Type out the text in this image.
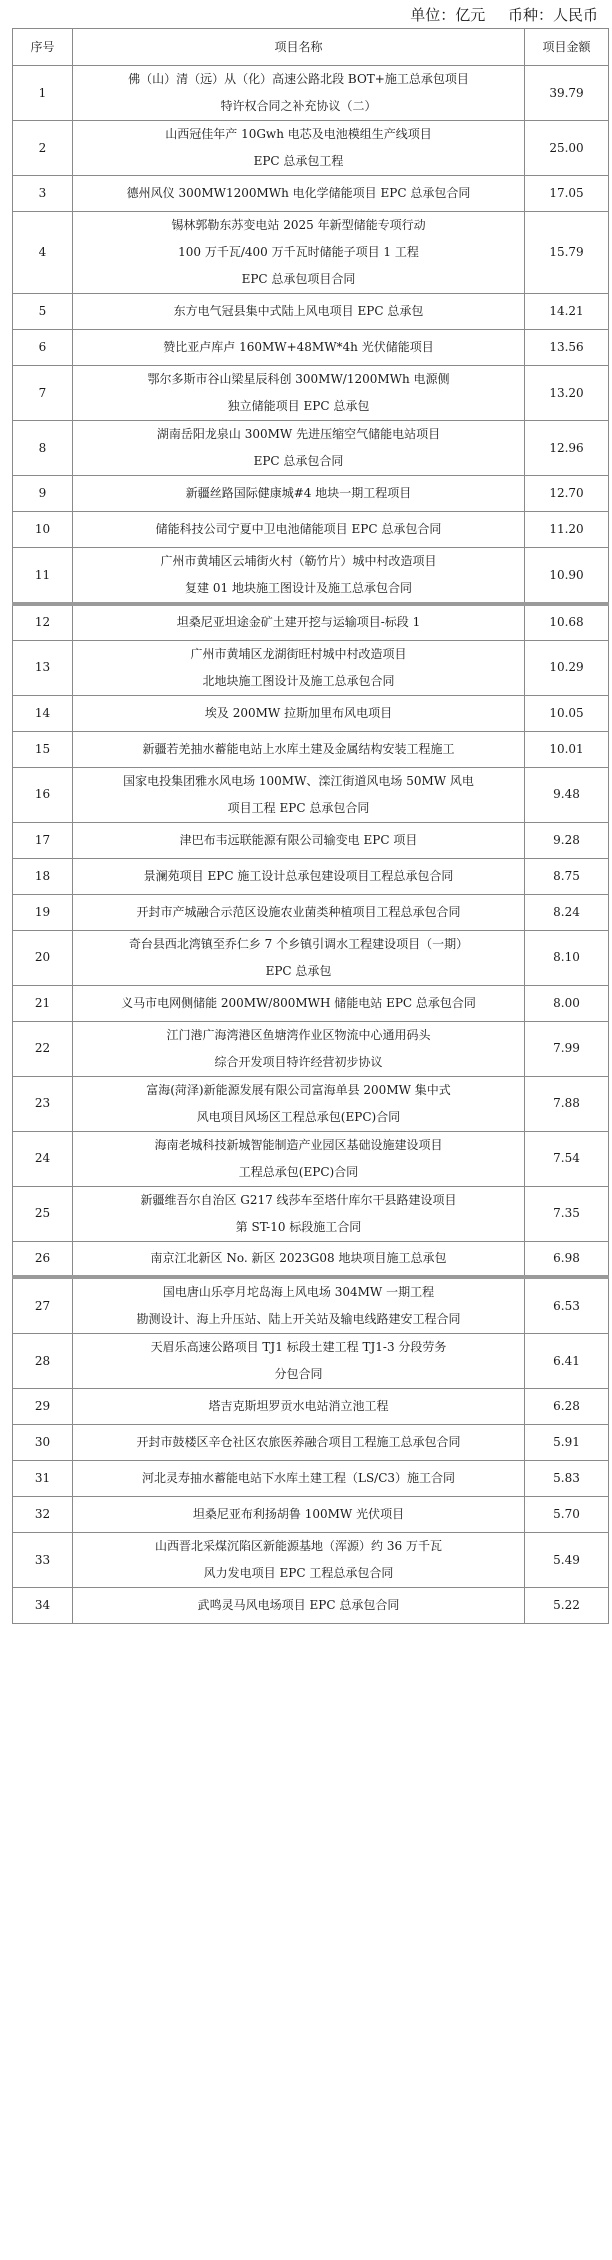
单位：亿元 币种：人民币
序号	项目名称	项目金额
1	佛（山）清（远）从（化）高速公路北段 BOT+施工总承包项目
特许权合同之补充协议（二）	39.79
2	山西冠佳年产 10Gwh 电芯及电池模组生产线项目
EPC 总承包工程	25.00
3	德州风仪 300MW1200MWh 电化学储能项目 EPC 总承包合同	17.05
4	锡林郭勒东苏变电站 2025 年新型储能专项行动
100 万千瓦/400 万千瓦时储能子项目 1 工程
EPC 总承包项目合同	15.79
5	东方电气冠县集中式陆上风电项目 EPC 总承包	14.21
6	赞比亚卢库卢 160MW+48MW*4h 光伏储能项目	13.56
7	鄂尔多斯市谷山梁星辰科创 300MW/1200MWh 电源侧
独立储能项目 EPC 总承包	13.20
8	湖南岳阳龙泉山 300MW 先进压缩空气储能电站项目
EPC 总承包合同	12.96
9	新疆丝路国际健康城#4 地块一期工程项目	12.70
10	储能科技公司宁夏中卫电池储能项目 EPC 总承包合同	11.20
11	广州市黄埔区云埔街火村（簕竹片）城中村改造项目
复建 01 地块施工图设计及施工总承包合同	10.90
12	坦桑尼亚坦途金矿土建开挖与运输项目-标段 1	10.68
13	广州市黄埔区龙湖街旺村城中村改造项目
北地块施工图设计及施工总承包合同	10.29
14	埃及 200MW 拉斯加里布风电项目	10.05
15	新疆若羌抽水蓄能电站上水库土建及金属结构安装工程施工	10.01
16	国家电投集团雅水风电场 100MW、滦江街道风电场 50MW 风电
项目工程 EPC 总承包合同	9.48
17	津巴布韦远联能源有限公司输变电 EPC 项目	9.28
18	景澜苑项目 EPC 施工设计总承包建设项目工程总承包合同	8.75
19	开封市产城融合示范区设施农业菌类种植项目工程总承包合同	8.24
20	奇台县西北湾镇至乔仁乡 7 个乡镇引调水工程建设项目（一期）
EPC 总承包	8.10
21	义马市电网侧储能 200MW/800MWH 储能电站 EPC 总承包合同	8.00
22	江门港广海湾港区鱼塘湾作业区物流中心通用码头
综合开发项目特许经营初步协议	7.99
23	富海(菏泽)新能源发展有限公司富海单县 200MW 集中式
风电项目风场区工程总承包(EPC)合同	7.88
24	海南老城科技新城智能制造产业园区基础设施建设项目
工程总承包(EPC)合同	7.54
25	新疆维吾尔自治区 G217 线莎车至塔什库尔干县路建设项目
第 ST-10 标段施工合同	7.35
26	南京江北新区 No. 新区 2023G08 地块项目施工总承包	6.98
27	国电唐山乐亭月坨岛海上风电场 304MW 一期工程
勘测设计、海上升压站、陆上开关站及输电线路建安工程合同	6.53
28	天眉乐高速公路项目 TJ1 标段土建工程 TJ1-3 分段劳务
分包合同	6.41
29	塔吉克斯坦罗贡水电站消立池工程	6.28
30	开封市鼓楼区辛仓社区农旅医养融合项目工程施工总承包合同	5.91
31	河北灵寿抽水蓄能电站下水库土建工程（LS/C3）施工合同	5.83
32	坦桑尼亚布利扬胡鲁 100MW 光伏项目	5.70
33	山西晋北采煤沉陷区新能源基地（浑源）约 36 万千瓦
风力发电项目 EPC 工程总承包合同	5.49
34	武鸣灵马风电场项目 EPC 总承包合同	5.22
